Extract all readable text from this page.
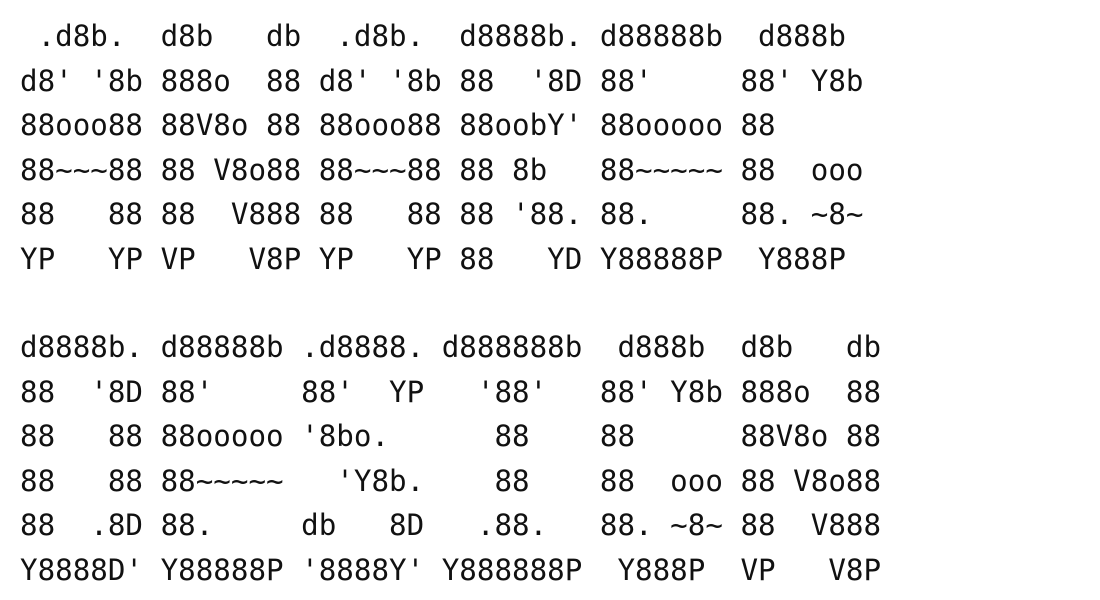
.d8b.  d8b   db  .d8b.  d8888b. d88888b  d888b
d8' '8b 888o  88 d8' '8b 88  '8D 88'     88' Y8b
88ooo88 88V8o 88 88ooo88 88oobY' 88ooooo 88
88~~~88 88 V8o88 88~~~88 88 8b   88~~~~~ 88  ooo
88   88 88  V888 88   88 88 '88. 88.     88. ~8~
YP   YP VP   V8P YP   YP 88   YD Y88888P  Y888P
d8888b. d88888b .d8888. d888888b  d888b  d8b   db
88  '8D 88'     88'  YP   '88'   88' Y8b 888o  88
88   88 88ooooo '8bo.      88    88      88V8o 88
88   88 88~~~~~   'Y8b.    88    88  ooo 88 V8o88
88  .8D 88.     db   8D   .88.   88. ~8~ 88  V888
Y8888D' Y88888P '8888Y' Y888888P  Y888P  VP   V8P
